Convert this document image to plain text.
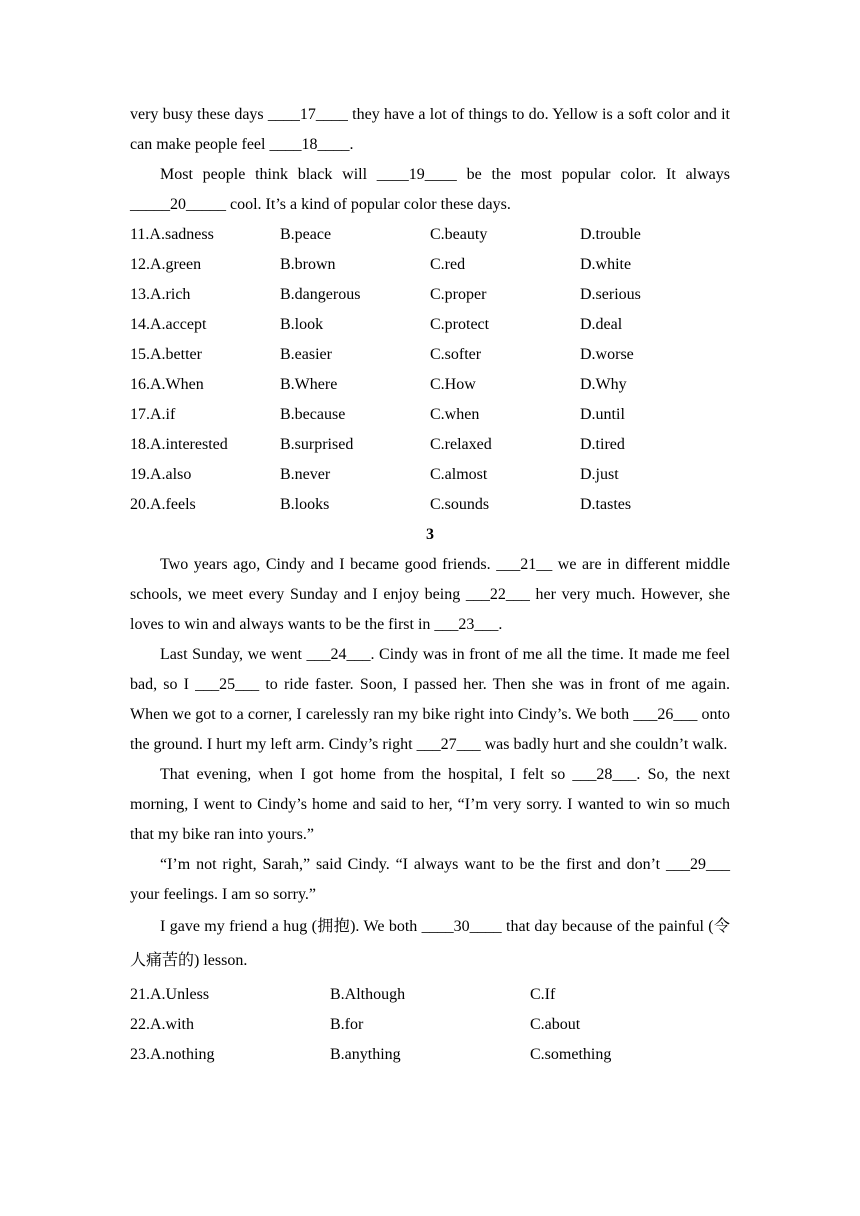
very busy these days ____17____ they have a lot of things to do. Yellow is a soft color and it can make people feel ____18____.

Most people think black will ____19____ be the most popular color. It always _____20_____ cool. It’s a kind of popular color these days.

11.A.sadness	B.peace	C.beauty	D.trouble
12.A.green	B.brown	C.red	D.white
13.A.rich	B.dangerous	C.proper	D.serious
14.A.accept	B.look	C.protect	D.deal
15.A.better	B.easier	C.softer	D.worse
16.A.When	B.Where	C.How	D.Why
17.A.if	B.because	C.when	D.until
18.A.interested	B.surprised	C.relaxed	D.tired
19.A.also	B.never	C.almost	D.just
20.A.feels	B.looks	C.sounds	D.tastes
3

Two years ago, Cindy and I became good friends. ___21__ we are in different middle schools, we meet every Sunday and I enjoy being ___22___ her very much. However, she loves to win and always wants to be the first in ___23___.

Last Sunday, we went ___24___. Cindy was in front of me all the time. It made me feel bad, so I ___25___ to ride faster. Soon, I passed her. Then she was in front of me again. When we got to a corner, I carelessly ran my bike right into Cindy’s. We both ___26___ onto the ground. I hurt my left arm. Cindy’s right ___27___ was badly hurt and she couldn’t walk.

That evening, when I got home from the hospital, I felt so ___28___. So, the next morning, I went to Cindy’s home and said to her, “I’m very sorry. I wanted to win so much that my bike ran into yours.”

“I’m not right, Sarah,” said Cindy. “I always want to be the first and don’t ___29___ your feelings. I am so sorry.”

I gave my friend a hug (拥抱). We both ____30____ that day because of the painful (令人痛苦的) lesson.

21.A.Unless	B.Although	C.If
22.A.with	B.for	C.about
23.A.nothing	B.anything	C.something
